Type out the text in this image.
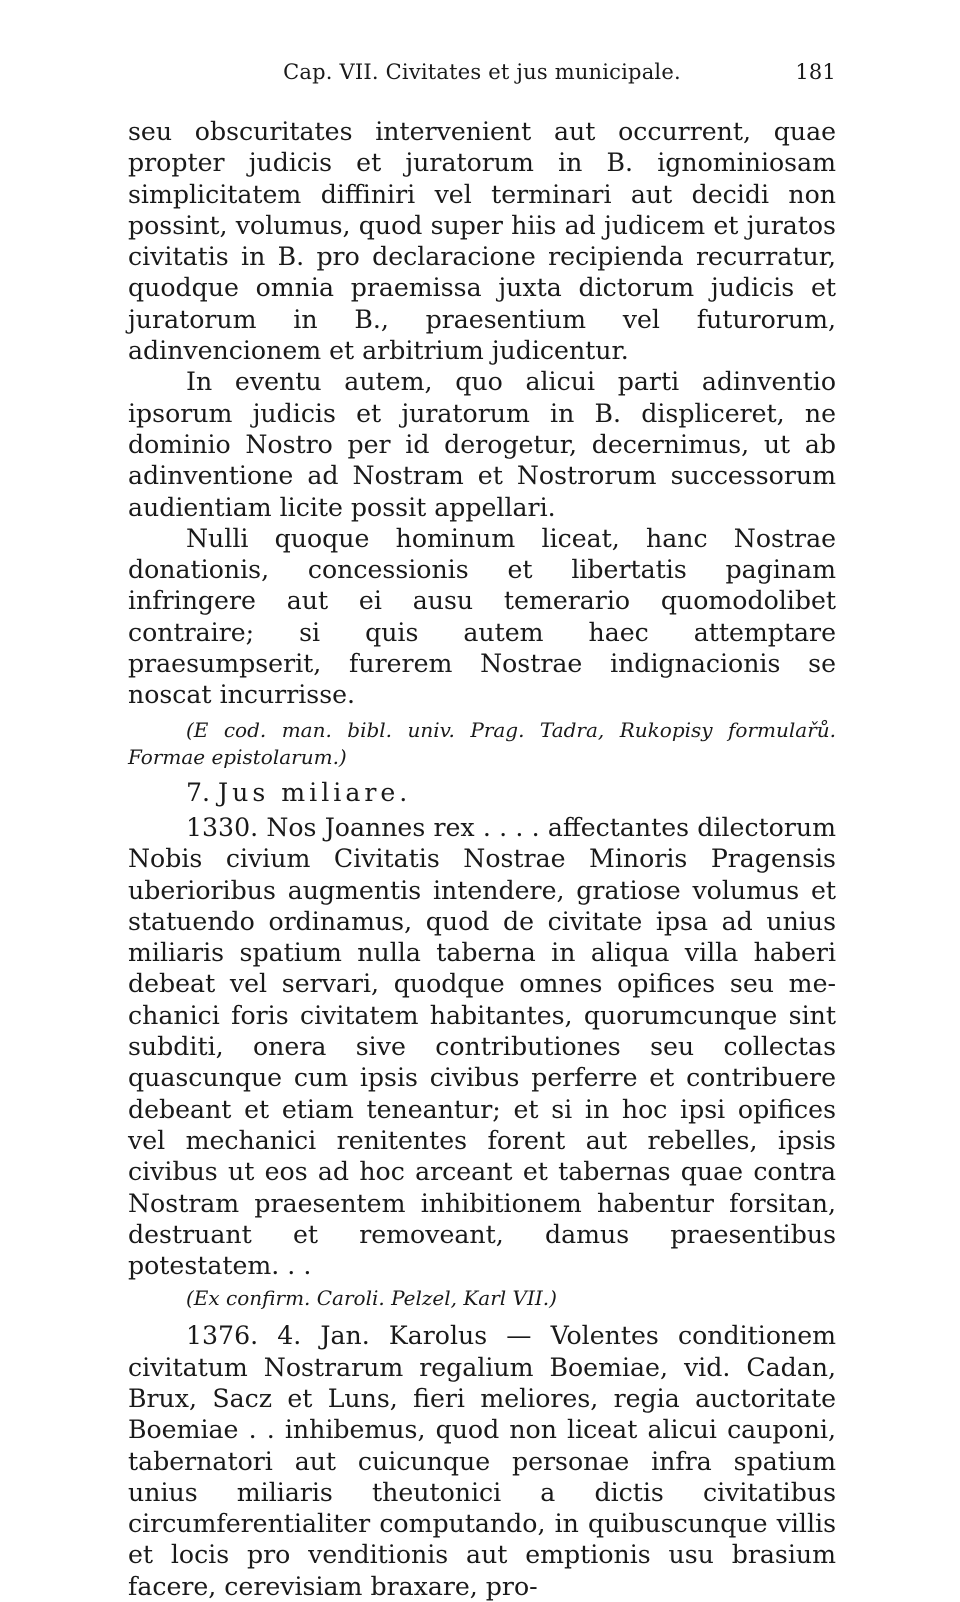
Cap. VII. Civitates et jus municipale.	181

seu obscuritates intervenient aut occurrent, quae propter judicis et juratorum in B. ignominiosam simplicitatem diffiniri vel terminari aut decidi non possint, volumus, quod super hiis ad judicem et juratos civitatis in B. pro declaracione recipienda recurratur, quodque omnia praemissa juxta dictorum judicis et juratorum in B., praesentium vel futurorum, adinvencionem et arbitrium judicentur.

In eventu autem, quo alicui parti adinventio ipsorum judicis et juratorum in B. displiceret, ne dominio Nostro per id derogetur, decernimus, ut ab adinventione ad Nostram et Nostrorum successorum audientiam licite possit appellari.

Nulli quoque hominum liceat, hanc Nostrae donationis, concessionis et libertatis paginam infringere aut ei ausu temerario quomodolibet contraire; si quis autem haec attemptare praesumpserit, furerem Nostrae indignacionis se noscat incurrisse.

(E cod. man. bibl. univ. Prag. Tadra, Rukopisy formulařů. Formae epistolarum.)

7. Jus miliare.

1330. Nos Joannes rex . . . . affectantes dilectorum Nobis civium Civitatis Nostrae Minoris Pragensis uberioribus augmentis intendere, gratiose volumus et statuendo ordinamus, quod de civitate ipsa ad unius miliaris spatium nulla taberna in aliqua villa haberi debeat vel servari, quodque omnes opifices seu mechanici foris civitatem habitantes, quorumcunque sint subditi, onera sive contributiones seu collectas quascunque cum ipsis civibus perferre et contribuere debeant et etiam teneantur; et si in hoc ipsi opifices vel mechanici renitentes forent aut rebelles, ipsis civibus ut eos ad hoc arceant et tabernas quae contra Nostram praesentem inhibitionem habentur forsitan, destruant et removeant, damus praesentibus potestatem. . .

(Ex confirm. Caroli. Pelzel, Karl VII.)

1376. 4. Jan. Karolus — Volentes conditionem civitatum Nostrarum regalium Boemiae, vid. Cadan, Brux, Sacz et Luns, fieri meliores, regia auctoritate Boemiae . . inhibemus, quod non liceat alicui cauponi, tabernatori aut cuicunque personae infra spatium unius miliaris theutonici a dictis civitatibus circumferentialiter computando, in quibuscunque villis et locis pro venditionis aut emptionis usu brasium facere, cerevisiam braxare, pro-
